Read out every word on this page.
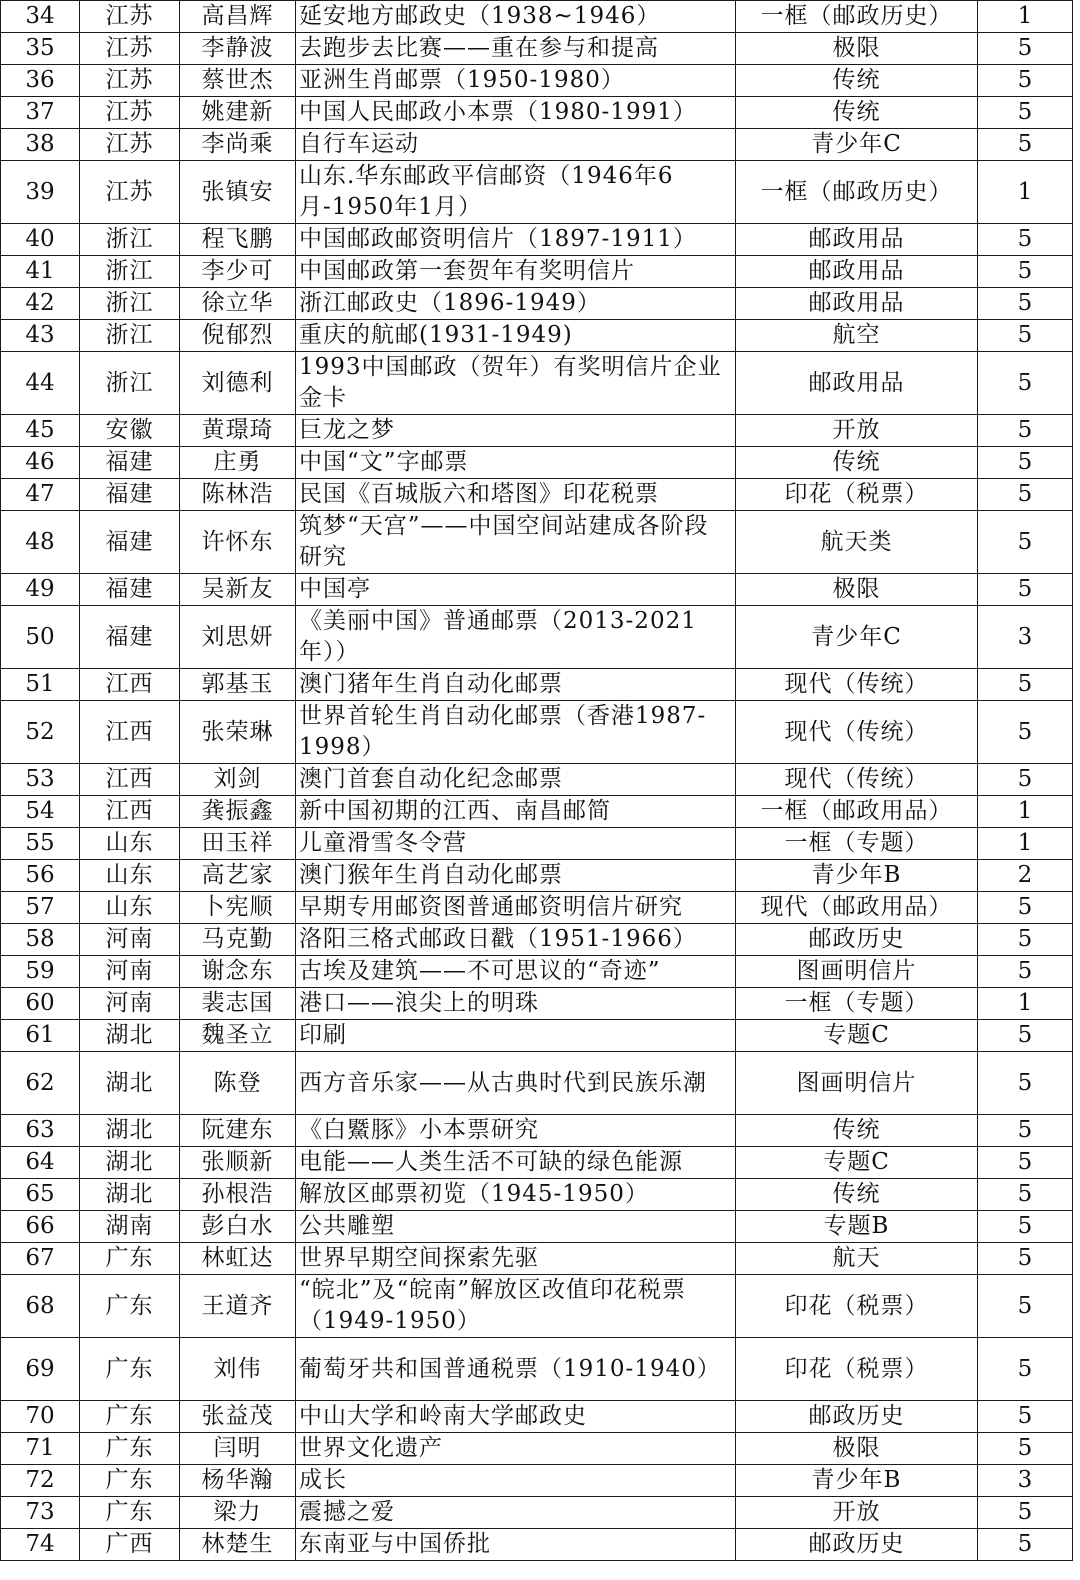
34	江苏	高昌辉	延安地方邮政史（1938~1946）	一框（邮政历史）	1
35	江苏	李静波	去跑步去比赛——重在参与和提高	极限	5
36	江苏	蔡世杰	亚洲生肖邮票（1950-1980）	传统	5
37	江苏	姚建新	中国人民邮政小本票（1980-1991）	传统	5
38	江苏	李尚乘	自行车运动	青少年C	5
39	江苏	张镇安	山东.华东邮政平信邮资（1946年6月-1950年1月）	一框（邮政历史）	1
40	浙江	程飞鹏	中国邮政邮资明信片（1897-1911）	邮政用品	5
41	浙江	李少可	中国邮政第一套贺年有奖明信片	邮政用品	5
42	浙江	徐立华	浙江邮政史（1896-1949）	邮政用品	5
43	浙江	倪郁烈	重庆的航邮(1931-1949)	航空	5
44	浙江	刘德利	1993中国邮政（贺年）有奖明信片企业金卡	邮政用品	5
45	安徽	黄璟琦	巨龙之梦	开放	5
46	福建	庄勇	中国“文”字邮票	传统	5
47	福建	陈林浩	民国《百城版六和塔图》印花税票	印花（税票）	5
48	福建	许怀东	筑梦“天宫”——中国空间站建成各阶段研究	航天类	5
49	福建	吴新友	中国亭	极限	5
50	福建	刘思妍	《美丽中国》普通邮票（2013-2021年））	青少年C	3
51	江西	郭基玉	澳门猪年生肖自动化邮票	现代（传统）	5
52	江西	张荣琳	世界首轮生肖自动化邮票（香港1987-1998）	现代（传统）	5
53	江西	刘剑	澳门首套自动化纪念邮票	现代（传统）	5
54	江西	龚振鑫	新中国初期的江西、南昌邮简	一框（邮政用品）	1
55	山东	田玉祥	儿童滑雪冬令营	一框（专题）	1
56	山东	高艺家	澳门猴年生肖自动化邮票	青少年B	2
57	山东	卜宪顺	早期专用邮资图普通邮资明信片研究	现代（邮政用品）	5
58	河南	马克勤	洛阳三格式邮政日戳（1951-1966）	邮政历史	5
59	河南	谢念东	古埃及建筑——不可思议的“奇迹”	图画明信片	5
60	河南	裴志国	港口——浪尖上的明珠	一框（专题）	1
61	湖北	魏圣立	印刷	专题C	5
62	湖北	陈登	西方音乐家——从古典时代到民族乐潮	图画明信片	5
63	湖北	阮建东	《白鱀豚》小本票研究	传统	5
64	湖北	张顺新	电能——人类生活不可缺的绿色能源	专题C	5
65	湖北	孙根浩	解放区邮票初览（1945-1950）	传统	5
66	湖南	彭白水	公共雕塑	专题B	5
67	广东	林虹达	世界早期空间探索先驱	航天	5
68	广东	王道齐	“皖北”及“皖南”解放区改值印花税票（1949-1950）	印花（税票）	5
69	广东	刘伟	葡萄牙共和国普通税票（1910-1940）	印花（税票）	5
70	广东	张益茂	中山大学和岭南大学邮政史	邮政历史	5
71	广东	闫明	世界文化遗产	极限	5
72	广东	杨华瀚	成长	青少年B	3
73	广东	梁力	震撼之爱	开放	5
74	广西	林楚生	东南亚与中国侨批	邮政历史	5
